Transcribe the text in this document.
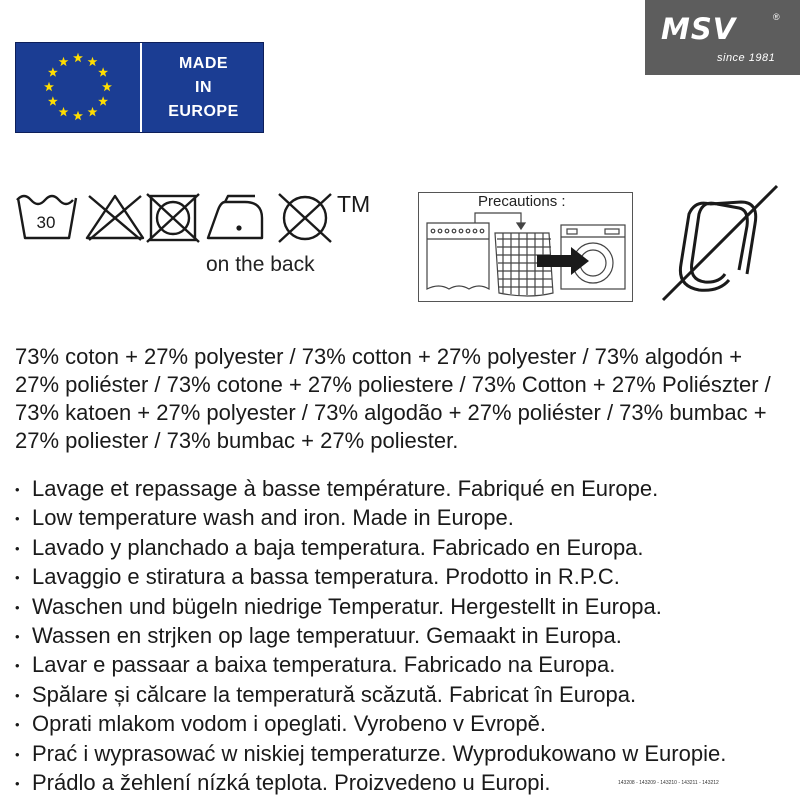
MADE
IN
EUROPE
MSV	®
since 1981
30
TM
on the back
Precautions :
73% coton + 27% polyester / 73% cotton + 27% polyester / 73% algodón + 27% poliéster / 73% cotone + 27% poliestere / 73% Cotton + 27% Poliészter / 73% katoen + 27% polyester / 73% algodão + 27% poliéster / 73% bumbac + 27% poliester / 73% bumbac + 27% poliester.
• Lavage et repassage à basse température. Fabriqué en Europe.
• Low temperature wash and iron. Made in Europe.
• Lavado y planchado a baja temperatura. Fabricado en Europa.
• Lavaggio e stiratura a bassa temperatura. Prodotto in R.P.C.
• Waschen und bügeln niedrige Temperatur. Hergestellt in Europa.
• Wassen en strjken op lage temperatuur. Gemaakt in Europa.
• Lavar e passaar a baixa temperatura. Fabricado na Europa.
• Spălare și călcare la temperatură scăzută. Fabricat în Europa.
• Oprati mlakom vodom i opeglati. Vyrobeno v Evropě.
• Prać i wyprasować w niskiej temperaturze. Wyprodukowano w Europie.
• Prádlo a žehlení nízká teplota. Proizvedeno u Europi.	143208 - 143209 - 143210 - 143211 - 143212
